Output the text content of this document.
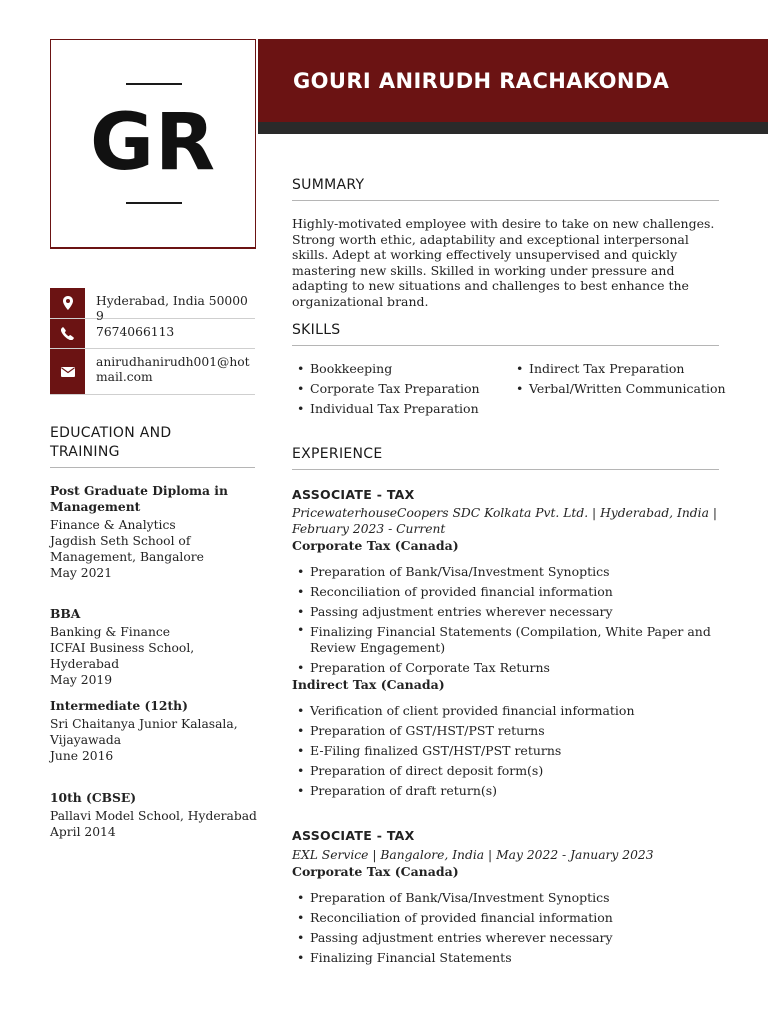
GR
GOURI ANIRUDH RACHAKONDA
Hyderabad, India 500009
7674066113
anirudhanirudh001@hotmail.com
EDUCATION AND
TRAINING
Post Graduate Diploma in Management
Finance & Analytics
Jagdish Seth School of Management, Bangalore
May 2021
BBA
Banking & Finance
ICFAI Business School, Hyderabad
May 2019
Intermediate (12th)
Sri Chaitanya Junior Kalasala, Vijayawada
June 2016
10th (CBSE)
Pallavi Model School, Hyderabad
April 2014
SUMMARY
Highly-motivated employee with desire to take on new challenges. Strong worth ethic, adaptability and exceptional interpersonal skills. Adept at working effectively unsupervised and quickly mastering new skills. Skilled in working under pressure and adapting to new situations and challenges to best enhance the organizational brand.
SKILLS
• Bookkeeping
• Corporate Tax Preparation
• Individual Tax Preparation
• Indirect Tax Preparation
• Verbal/Written Communication
EXPERIENCE
ASSOCIATE - TAX
PricewaterhouseCoopers SDC Kolkata Pvt. Ltd. | Hyderabad, India | February 2023 - Current
Corporate Tax (Canada)
• Preparation of Bank/Visa/Investment Synoptics
• Reconciliation of provided financial information
• Passing adjustment entries wherever necessary
• Finalizing Financial Statements (Compilation, White Paper and Review Engagement)
• Preparation of Corporate Tax Returns
Indirect Tax (Canada)
• Verification of client provided financial information
• Preparation of GST/HST/PST returns
• E-Filing finalized GST/HST/PST returns
• Preparation of direct deposit form(s)
• Preparation of draft return(s)
ASSOCIATE - TAX
EXL Service | Bangalore, India | May 2022 - January 2023
Corporate Tax (Canada)
• Preparation of Bank/Visa/Investment Synoptics
• Reconciliation of provided financial information
• Passing adjustment entries wherever necessary
• Finalizing Financial Statements
